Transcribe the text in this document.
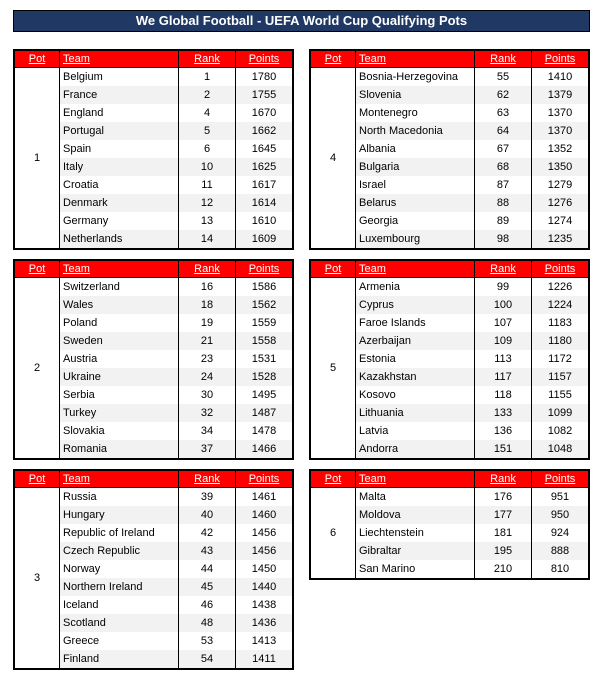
We Global Football - UEFA World Cup Qualifying Pots
Pot	Team	Rank	Points
1	Belgium	1	1780
	France	2	1755
	England	4	1670
	Portugal	5	1662
	Spain	6	1645
	Italy	10	1625
	Croatia	11	1617
	Denmark	12	1614
	Germany	13	1610
	Netherlands	14	1609
Pot	Team	Rank	Points
4	Bosnia-Herzegovina	55	1410
	Slovenia	62	1379
	Montenegro	63	1370
	North Macedonia	64	1370
	Albania	67	1352
	Bulgaria	68	1350
	Israel	87	1279
	Belarus	88	1276
	Georgia	89	1274
	Luxembourg	98	1235
Pot	Team	Rank	Points
2	Switzerland	16	1586
	Wales	18	1562
	Poland	19	1559
	Sweden	21	1558
	Austria	23	1531
	Ukraine	24	1528
	Serbia	30	1495
	Turkey	32	1487
	Slovakia	34	1478
	Romania	37	1466
Pot	Team	Rank	Points
5	Armenia	99	1226
	Cyprus	100	1224
	Faroe Islands	107	1183
	Azerbaijan	109	1180
	Estonia	113	1172
	Kazakhstan	117	1157
	Kosovo	118	1155
	Lithuania	133	1099
	Latvia	136	1082
	Andorra	151	1048
Pot	Team	Rank	Points
3	Russia	39	1461
	Hungary	40	1460
	Republic of Ireland	42	1456
	Czech Republic	43	1456
	Norway	44	1450
	Northern Ireland	45	1440
	Iceland	46	1438
	Scotland	48	1436
	Greece	53	1413
	Finland	54	1411
Pot	Team	Rank	Points
6	Malta	176	951
	Moldova	177	950
	Liechtenstein	181	924
	Gibraltar	195	888
	San Marino	210	810
